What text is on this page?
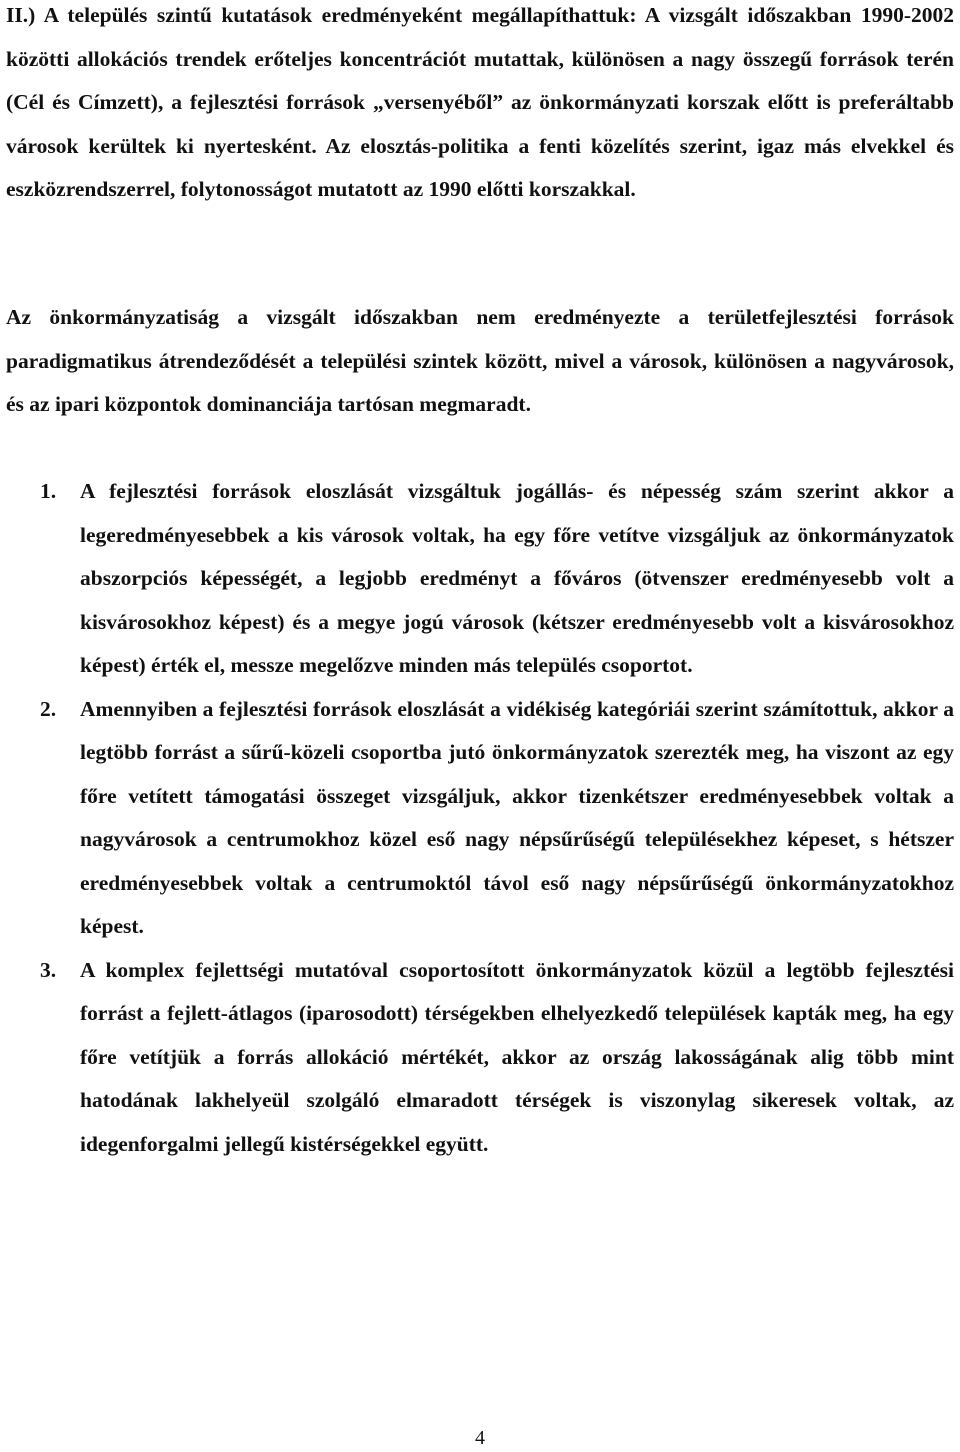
II.) A település szintű kutatások eredményeként megállapíthattuk: A vizsgált időszakban 1990-2002 közötti allokációs trendek erőteljes koncentrációt mutattak, különösen a nagy összegű források terén (Cél és Címzett), a fejlesztési források „versenyéből” az önkormányzati korszak előtt is preferáltabb városok kerültek ki nyertesként. Az elosztás-politika a fenti közelítés szerint, igaz más elvekkel és eszközrendszerrel, folytonosságot mutatott az 1990 előtti korszakkal.

Az önkormányzatiság a vizsgált időszakban nem eredményezte a területfejlesztési források paradigmatikus átrendeződését a települési szintek között, mivel a városok, különösen a nagyvárosok, és az ipari központok dominanciája tartósan megmaradt.

1. A fejlesztési források eloszlását vizsgáltuk jogállás- és népesség szám szerint akkor a legeredményesebbek a kis városok voltak, ha egy főre vetítve vizsgáljuk az önkormányzatok abszorpciós képességét, a legjobb eredményt a főváros (ötvenszer eredményesebb volt a kisvárosokhoz képest) és a megye jogú városok (kétszer eredményesebb volt a kisvárosokhoz képest) érték el, messze megelőzve minden más település csoportot.
2. Amennyiben a fejlesztési források eloszlását a vidékiség kategóriái szerint számítottuk, akkor a legtöbb forrást a sűrű-közeli csoportba jutó önkormányzatok szerezték meg, ha viszont az egy főre vetített támogatási összeget vizsgáljuk, akkor tizenkétszer eredményesebbek voltak a nagyvárosok a centrumokhoz közel eső nagy népsűrűségű településekhez képeset, s hétszer eredményesebbek voltak a centrumoktól távol eső nagy népsűrűségű önkormányzatokhoz képest.
3. A komplex fejlettségi mutatóval csoportosított önkormányzatok közül a legtöbb fejlesztési forrást a fejlett-átlagos (iparosodott) térségekben elhelyezkedő települések kapták meg, ha egy főre vetítjük a forrás allokáció mértékét, akkor az ország lakosságának alig több mint hatodának lakhelyeül szolgáló elmaradott térségek is viszonylag sikeresek voltak, az idegenforgalmi jellegű kistérségekkel együtt.
4
